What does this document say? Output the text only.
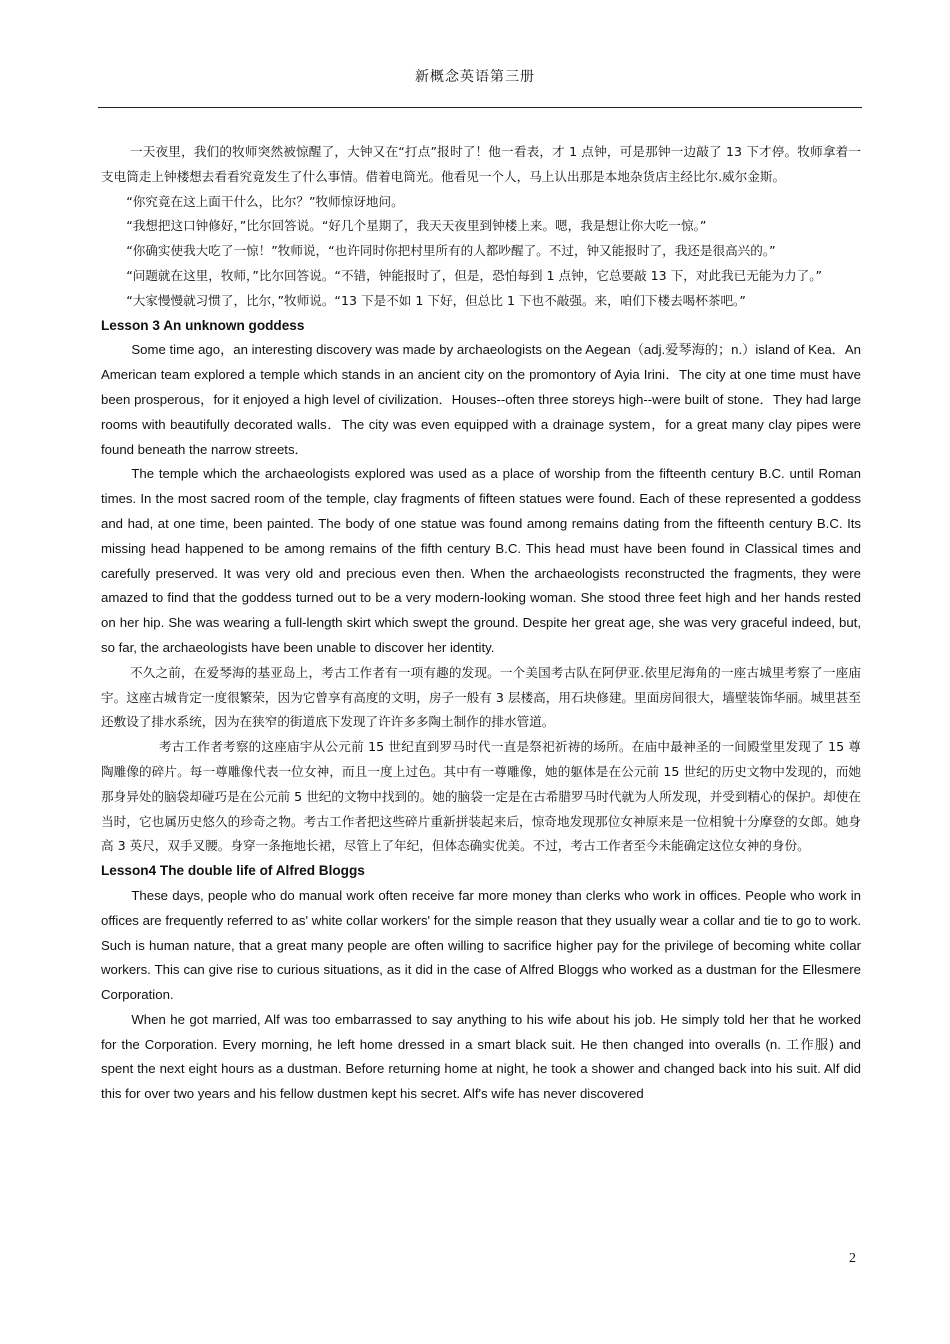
新概念英语第三册

一天夜里，我们的牧师突然被惊醒了，大钟又在“打点”报时了！他一看表，才 1 点钟，可是那钟一边敲了 13 下才停。牧师拿着一支电筒走上钟楼想去看看究竟发生了什么事情。借着电筒光。他看见一个人，马上认出那是本地杂货店主经比尔.威尔金斯。

“你究竟在这上面干什么，比尔？”牧师惊讶地问。

“我想把这口钟修好，”比尔回答说。“好几个星期了，我天天夜里到钟楼上来。嗯，我是想让你大吃一惊。”

“你确实使我大吃了一惊！”牧师说，“也许同时你把村里所有的人都吵醒了。不过，钟又能报时了，我还是很高兴的。”

“问题就在这里，牧师，”比尔回答说。“不错，钟能报时了，但是，恐怕每到 1 点钟，它总要敲 13 下，对此我已无能为力了。”

“大家慢慢就习惯了，比尔，”牧师说。“13 下是不如 1 下好，但总比 1 下也不敲强。来，咱们下楼去喝杯茶吧。”

Lesson 3 An unknown goddess

Some time ago，an interesting discovery was made by archaeologists on the Aegean（adj.爱琴海的；n.）island of Kea．An American team explored a temple which stands in an ancient city on the promontory of Ayia Irini．The city at one time must have been prosperous，for it enjoyed a high level of civilization．Houses--often three storeys high--were built of stone．They had large rooms with beautifully decorated walls．The city was even equipped with a drainage system，for a great many clay pipes were found beneath the narrow streets．

The temple which the archaeologists explored was used as a place of worship from the fifteenth century B.C. until Roman times. In the most sacred room of the temple, clay fragments of fifteen statues were found. Each of these represented a goddess and had, at one time, been painted. The body of one statue was found among remains dating from the fifteenth century B.C. Its missing head happened to be among remains of the fifth century B.C. This head must have been found in Classical times and carefully preserved. It was very old and precious even then. When the archaeologists reconstructed the fragments, they were amazed to find that the goddess turned out to be a very modern-looking woman. She stood three feet high and her hands rested on her hip. She was wearing a full-length skirt which swept the ground. Despite her great age, she was very graceful indeed, but, so far, the archaeologists have been unable to discover her identity.

不久之前，在爱琴海的基亚岛上，考古工作者有一项有趣的发现。一个美国考古队在阿伊亚.依里尼海角的一座古城里考察了一座庙宇。这座古城肯定一度很繁荣，因为它曾享有高度的文明，房子一般有 3 层楼高，用石块修建。里面房间很大，墙壁装饰华丽。城里甚至还敷设了排水系统，因为在狭窄的街道底下发现了许许多多陶土制作的排水管道。

考古工作者考察的这座庙宇从公元前 15 世纪直到罗马时代一直是祭祀祈祷的场所。在庙中最神圣的一间殿堂里发现了 15 尊陶雕像的碎片。每一尊雕像代表一位女神，而且一度上过色。其中有一尊雕像，她的躯体是在公元前 15 世纪的历史文物中发现的，而她那身异处的脑袋却碰巧是在公元前 5 世纪的文物中找到的。她的脑袋一定是在古希腊罗马时代就为人所发现，并受到精心的保护。却使在当时，它也属历史悠久的珍奇之物。考古工作者把这些碎片重新拼装起来后，惊奇地发现那位女神原来是一位相貌十分摩登的女郎。她身高 3 英尺，双手叉腰。身穿一条拖地长裙，尽管上了年纪，但体态确实优美。不过，考古工作者至今未能确定这位女神的身份。

Lesson4 The double life of Alfred Bloggs

These days, people who do manual work often receive far more money than clerks who work in offices. People who work in offices are frequently referred to as' white collar workers' for the simple reason that they usually wear a collar and tie to go to work. Such is human nature, that a great many people are often willing to sacrifice higher pay for the privilege of becoming white collar workers. This can give rise to curious situations, as it did in the case of Alfred Bloggs who worked as a dustman for the Ellesmere Corporation.

When he got married, Alf was too embarrassed to say anything to his wife about his job. He simply told her that he worked for the Corporation. Every morning, he left home dressed in a smart black suit. He then changed into overalls (n. 工作服) and spent the next eight hours as a dustman. Before returning home at night, he took a shower and changed back into his suit. Alf did this for over two years and his fellow dustmen kept his secret. Alf's wife has never discovered

2
